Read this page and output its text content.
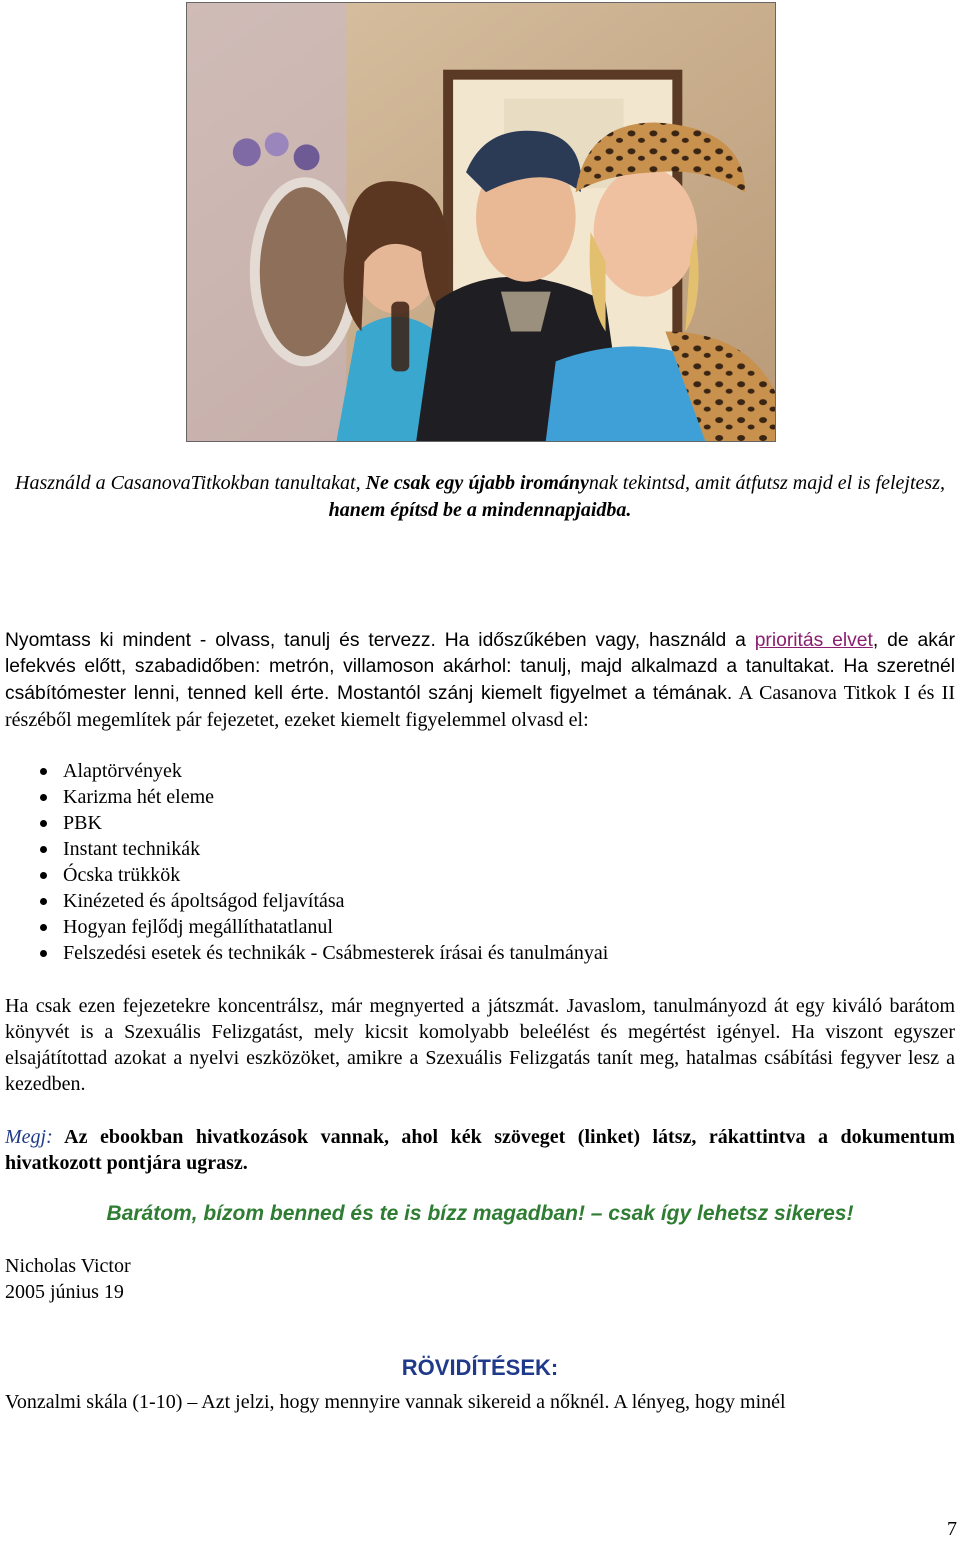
Használd a CasanovaTitkokban tanultakat, Ne csak egy újabb irománynak tekintsd, amit átfutsz majd el is felejtesz, hanem építsd be a mindennapjaidba.
Nyomtass ki mindent - olvass, tanulj és tervezz. Ha időszűkében vagy, használd a prioritás elvet, de akár lefekvés előtt, szabadidőben: metrón, villamoson akárhol: tanulj, majd alkalmazd a tanultakat. Ha szeretnél csábítómester lenni, tenned kell érte. Mostantól szánj kiemelt figyelmet a témának. A Casanova Titkok I és II részéből megemlítek pár fejezetet, ezeket kiemelt figyelemmel olvasd el:
Alaptörvények
Karizma hét eleme
PBK
Instant technikák
Ócska trükkök
Kinézeted és ápoltságod feljavítása
Hogyan fejlődj megállíthatatlanul
Felszedési esetek és technikák - Csábmesterek írásai és tanulmányai
Ha csak ezen fejezetekre koncentrálsz, már megnyerted a játszmát. Javaslom, tanulmányozd át egy kiváló barátom könyvét is a Szexuális Felizgatást, mely kicsit komolyabb beleélést és megértést igényel. Ha viszont egyszer elsajátítottad azokat a nyelvi eszközöket, amikre a Szexuális Felizgatás tanít meg, hatalmas csábítási fegyver lesz a kezedben.
Megj: Az ebookban hivatkozások vannak, ahol kék szöveget (linket) látsz, rákattintva a dokumentum hivatkozott pontjára ugrasz.
Barátom, bízom benned és te is bízz magadban! – csak így lehetsz sikeres!
Nicholas Victor
2005 június 19
RÖVIDÍTÉSEK:
Vonzalmi skála (1-10) – Azt jelzi, hogy mennyire vannak sikereid a nőknél. A lényeg, hogy minél
7
